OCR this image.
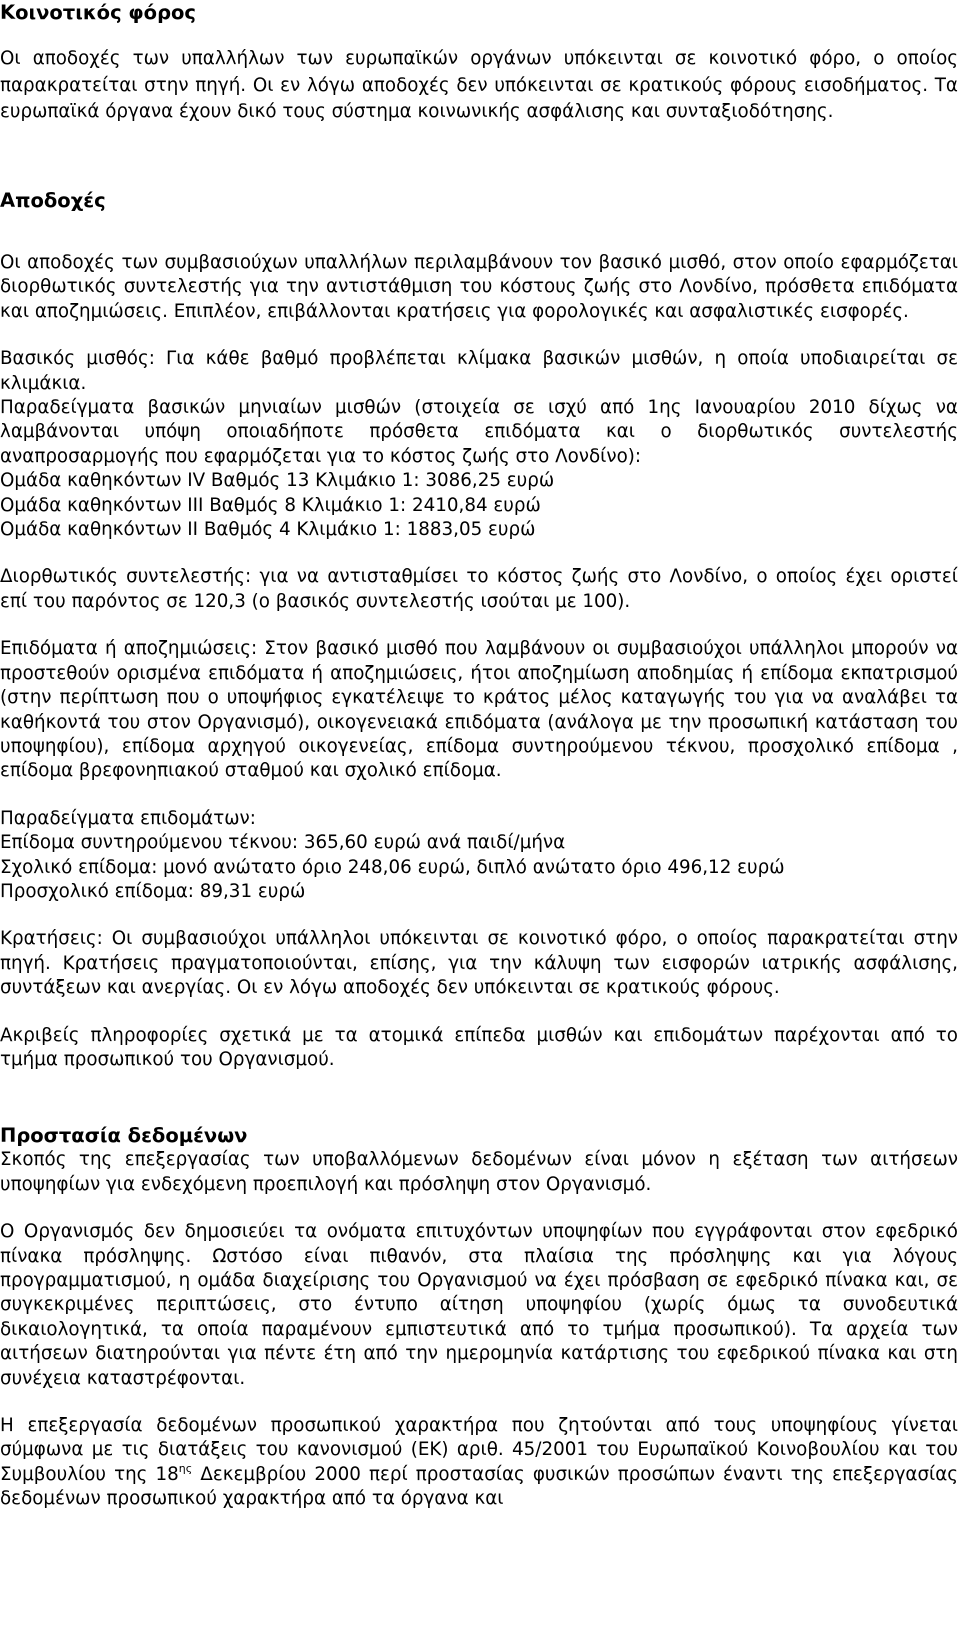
Κοινοτικός φόρος

Οι αποδοχές των υπαλλήλων των ευρωπαϊκών οργάνων υπόκεινται σε κοινοτικό φόρο, ο οποίος παρακρατείται στην πηγή. Οι εν λόγω αποδοχές δεν υπόκεινται σε κρατικούς φόρους εισοδήματος. Τα ευρωπαϊκά όργανα έχουν δικό τους σύστημα κοινωνικής ασφάλισης και συνταξιοδότησης.

Αποδοχές

Οι αποδοχές των συμβασιούχων υπαλλήλων περιλαμβάνουν τον βασικό μισθό, στον οποίο εφαρμόζεται διορθωτικός συντελεστής για την αντιστάθμιση του κόστους ζωής στο Λονδίνο, πρόσθετα επιδόματα και αποζημιώσεις. Επιπλέον, επιβάλλονται κρατήσεις για φορολογικές και ασφαλιστικές εισφορές.

Βασικός μισθός: Για κάθε βαθμό προβλέπεται κλίμακα βασικών μισθών, η οποία υποδιαιρείται σε κλιμάκια.

Παραδείγματα βασικών μηνιαίων μισθών (στοιχεία σε ισχύ από 1ης Ιανουαρίου 2010 δίχως να λαμβάνονται υπόψη οποιαδήποτε πρόσθετα επιδόματα και ο διορθωτικός συντελεστής αναπροσαρμογής που εφαρμόζεται για το κόστος ζωής στο Λονδίνο):

Ομάδα καθηκόντων IV Βαθμός 13 Κλιμάκιο 1: 3086,25 ευρώ
Ομάδα καθηκόντων III Βαθμός 8 Κλιμάκιο 1: 2410,84 ευρώ
Ομάδα καθηκόντων II Βαθμός 4 Κλιμάκιο 1: 1883,05 ευρώ

Διορθωτικός συντελεστής: για να αντισταθμίσει το κόστος ζωής στο Λονδίνο, ο οποίος έχει οριστεί επί του παρόντος σε 120,3 (ο βασικός συντελεστής ισούται με 100).

Επιδόματα ή αποζημιώσεις: Στον βασικό μισθό που λαμβάνουν οι συμβασιούχοι υπάλληλοι μπορούν να προστεθούν ορισμένα επιδόματα ή αποζημιώσεις, ήτοι αποζημίωση αποδημίας ή επίδομα εκπατρισμού (στην περίπτωση που ο υποψήφιος εγκατέλειψε το κράτος μέλος καταγωγής του για να αναλάβει τα καθήκοντά του στον Οργανισμό), οικογενειακά επιδόματα (ανάλογα με την προσωπική κατάσταση του υποψηφίου), επίδομα αρχηγού οικογενείας, επίδομα συντηρούμενου τέκνου, προσχολικό επίδομα , επίδομα βρεφονηπιακού σταθμού και σχολικό επίδομα.

Παραδείγματα επιδομάτων:
Επίδομα συντηρούμενου τέκνου: 365,60 ευρώ ανά παιδί/μήνα
Σχολικό επίδομα: μονό ανώτατο όριο 248,06 ευρώ, διπλό ανώτατο όριο 496,12 ευρώ
Προσχολικό επίδομα: 89,31 ευρώ

Κρατήσεις: Οι συμβασιούχοι υπάλληλοι υπόκεινται σε κοινοτικό φόρο, ο οποίος παρακρατείται στην πηγή. Κρατήσεις πραγματοποιούνται, επίσης, για την κάλυψη των εισφορών ιατρικής ασφάλισης, συντάξεων και ανεργίας. Οι εν λόγω αποδοχές δεν υπόκεινται σε κρατικούς φόρους.

Ακριβείς πληροφορίες σχετικά με τα ατομικά επίπεδα μισθών και επιδομάτων παρέχονται από το τμήμα προσωπικού του Οργανισμού.

Προστασία δεδομένων

Σκοπός της επεξεργασίας των υποβαλλόμενων δεδομένων είναι μόνον η εξέταση των αιτήσεων υποψηφίων για ενδεχόμενη προεπιλογή και πρόσληψη στον Οργανισμό.

Ο Οργανισμός δεν δημοσιεύει τα ονόματα επιτυχόντων υποψηφίων που εγγράφονται στον εφεδρικό πίνακα πρόσληψης. Ωστόσο είναι πιθανόν, στα πλαίσια της πρόσληψης και για λόγους προγραμματισμού, η ομάδα διαχείρισης του Οργανισμού να έχει πρόσβαση σε εφεδρικό πίνακα και, σε συγκεκριμένες περιπτώσεις, στο έντυπο αίτηση υποψηφίου (χωρίς όμως τα συνοδευτικά δικαιολογητικά, τα οποία παραμένουν εμπιστευτικά από το τμήμα προσωπικού). Τα αρχεία των αιτήσεων διατηρούνται για πέντε έτη από την ημερομηνία κατάρτισης του εφεδρικού πίνακα και στη συνέχεια καταστρέφονται.

Η επεξεργασία δεδομένων προσωπικού χαρακτήρα που ζητούνται από τους υποψηφίους γίνεται σύμφωνα με τις διατάξεις του κανονισμού (ΕΚ) αριθ. 45/2001 του Ευρωπαϊκού Κοινοβουλίου και του Συμβουλίου της $18^{\eta\varsigma}$ Δεκεμβρίου 2000 περί προστασίας φυσικών προσώπων έναντι της επεξεργασίας δεδομένων προσωπικού χαρακτήρα από τα όργανα και
